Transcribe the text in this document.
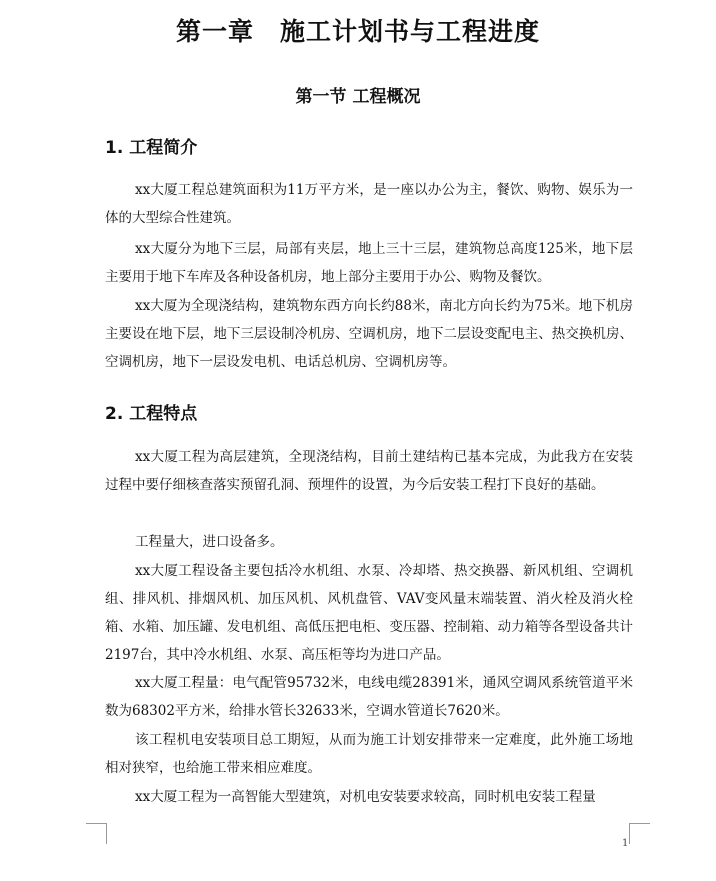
第一章 施工计划书与工程进度
第一节 工程概况
1. 工程简介

xx大厦工程总建筑面积为11万平方米，是一座以办公为主，餐饮、购物、娱乐为一体的大型综合性建筑。

xx大厦分为地下三层，局部有夹层，地上三十三层，建筑物总高度125米，地下层主要用于地下车库及各种设备机房，地上部分主要用于办公、购物及餐饮。

xx大厦为全现浇结构，建筑物东西方向长约88米，南北方向长约为75米。地下机房主要设在地下层，地下三层设制冷机房、空调机房，地下二层设变配电主、热交换机房、空调机房，地下一层设发电机、电话总机房、空调机房等。

2. 工程特点

xx大厦工程为高层建筑，全现浇结构，目前土建结构已基本完成，为此我方在安装过程中要仔细核查落实预留孔洞、预埋件的设置，为今后安装工程打下良好的基础。

工程量大，进口设备多。

xx大厦工程设备主要包括冷水机组、水泵、冷却塔、热交换器、新风机组、空调机组、排风机、排烟风机、加压风机、风机盘管、VAV变风量末端装置、消火栓及消火栓箱、水箱、加压罐、发电机组、高低压把电柜、变压器、控制箱、动力箱等各型设备共计2197台，其中冷水机组、水泵、高压柜等均为进口产品。

xx大厦工程量：电气配管95732米，电线电缆28391米，通风空调风系统管道平米数为68302平方米，给排水管长32633米，空调水管道长7620米。

该工程机电安装项目总工期短，从而为施工计划安排带来一定难度，此外施工场地相对狭窄，也给施工带来相应难度。

xx大厦工程为一高智能大型建筑，对机电安装要求较高，同时机电安装工程量

1
